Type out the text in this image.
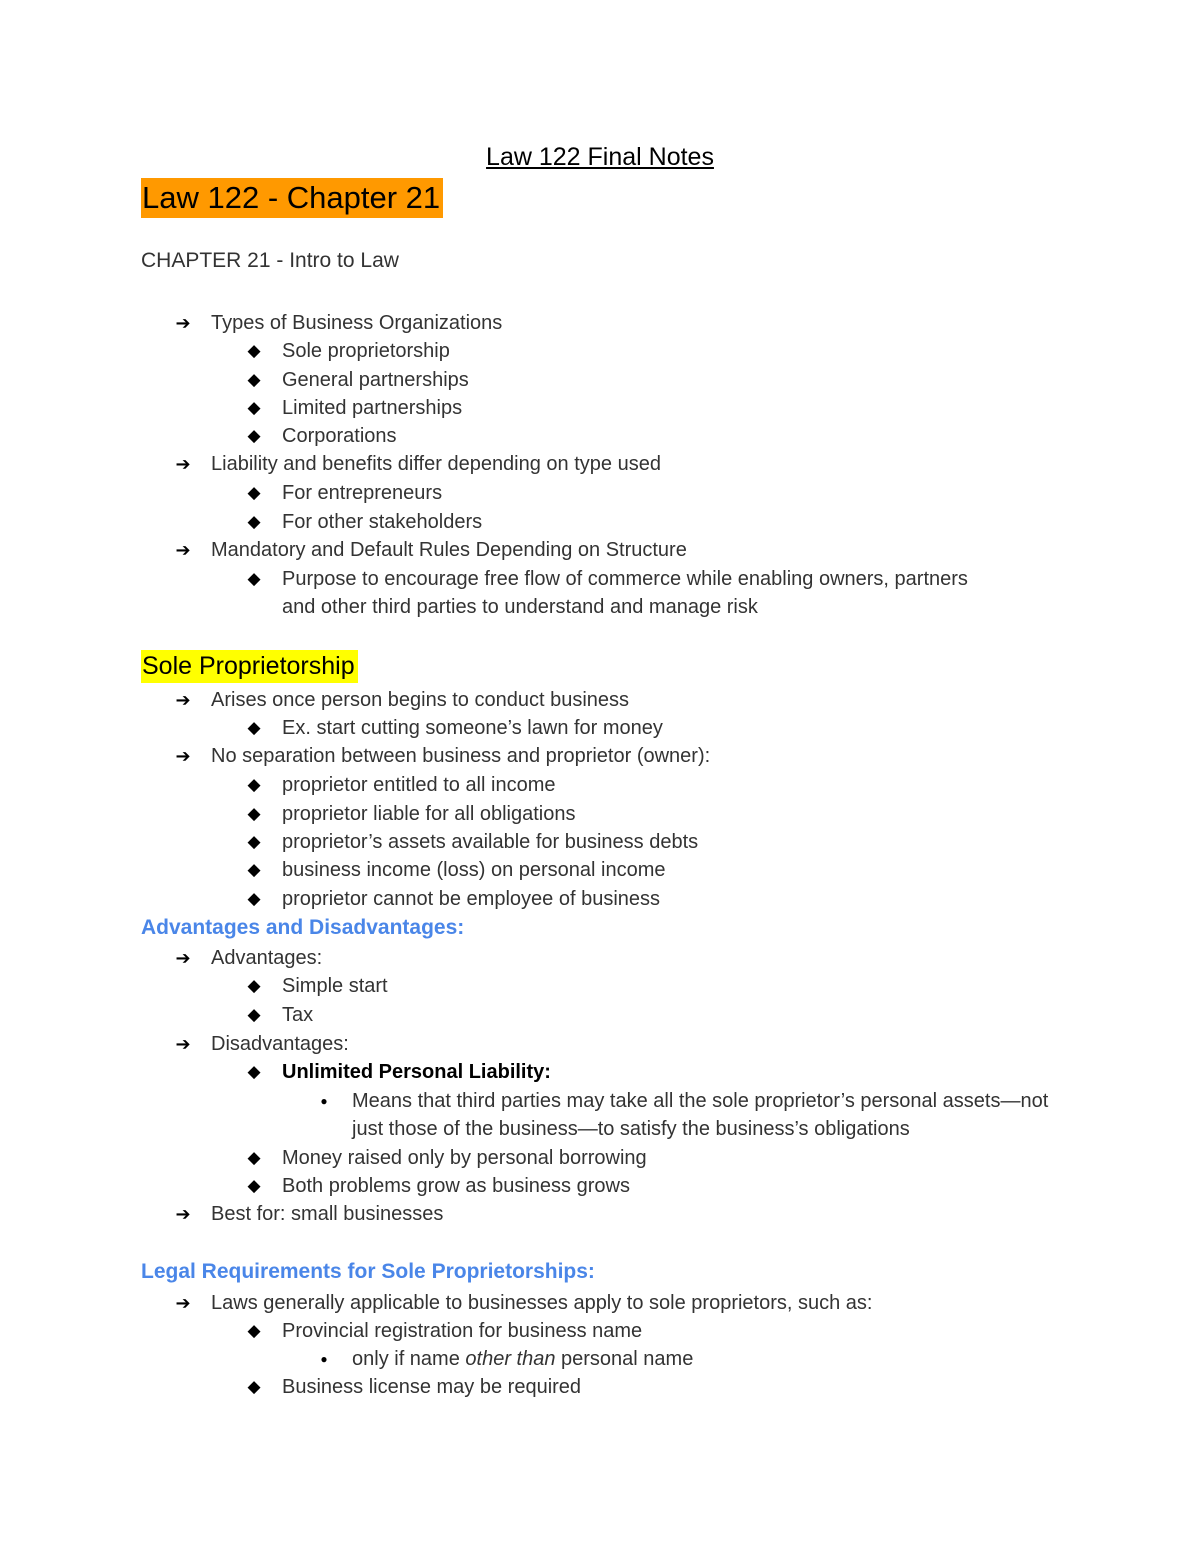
Law 122 Final Notes
Law 122 - Chapter 21
CHAPTER 21 - Intro to Law
➔ Types of Business Organizations
◆ Sole proprietorship
◆ General partnerships
◆ Limited partnerships
◆ Corporations
➔ Liability and benefits differ depending on type used
◆ For entrepreneurs
◆ For other stakeholders
➔ Mandatory and Default Rules Depending on Structure
◆ Purpose to encourage free flow of commerce while enabling owners, partners
and other third parties to understand and manage risk
Sole Proprietorship
➔ Arises once person begins to conduct business
◆ Ex. start cutting someone’s lawn for money
➔ No separation between business and proprietor (owner):
◆ proprietor entitled to all income
◆ proprietor liable for all obligations
◆ proprietor’s assets available for business debts
◆ business income (loss) on personal income
◆ proprietor cannot be employee of business
Advantages and Disadvantages:
➔ Advantages:
◆ Simple start
◆ Tax
➔ Disadvantages:
◆ Unlimited Personal Liability:
●	Means that third parties may take all the sole proprietor’s personal assets—not
just those of the business—to satisfy the business’s obligations
◆ Money raised only by personal borrowing
◆ Both problems grow as business grows
➔ Best for: small businesses
Legal Requirements for Sole Proprietorships:
➔ Laws generally applicable to businesses apply to sole proprietors, such as:
◆ Provincial registration for business name
●	only if name other than personal name
◆ Business license may be required
